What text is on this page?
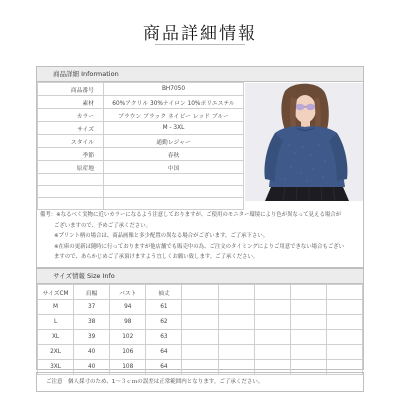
商品詳細情報
商品詳細 Information
商品番号	BH7050
素材	60%アクリル 30%ナイロン 10%ポリエステル
カラー	ブラウン ブラック ネイビー レッド ブルー
サイズ	M - 3XL
スタイル	通勤レジャー
季節	春秋
原産地	中国

備考：※なるべく実物に近いカラーになるよう注意しておりますが、ご使用のモニター環境により色が異なって見える場合が
ございますので、予めご了承ください。
※プリント柄の場合は、商品画像と多少配置の異なる場合がございます。ご了承下さい。
※在庫の更新は随時に行っておりますが他店舗でも販売中の為、ご注文のタイミングによりご用意できない場合もござい
ますので、あらかじめご了承頂けますよう宜しくお願い致します。ご了承ください。
サイズ情報 Size Info
サイズCM	肩幅	バスト	袖丈					
M	37	94	61					
L	38	98	62					
XL	39	102	63					
2XL	40	106	64					
3XL	40	108	64					
ご注意　個人採寸のため、1～３ｃｍの誤差は正常範囲内となります。ご了承ください。
